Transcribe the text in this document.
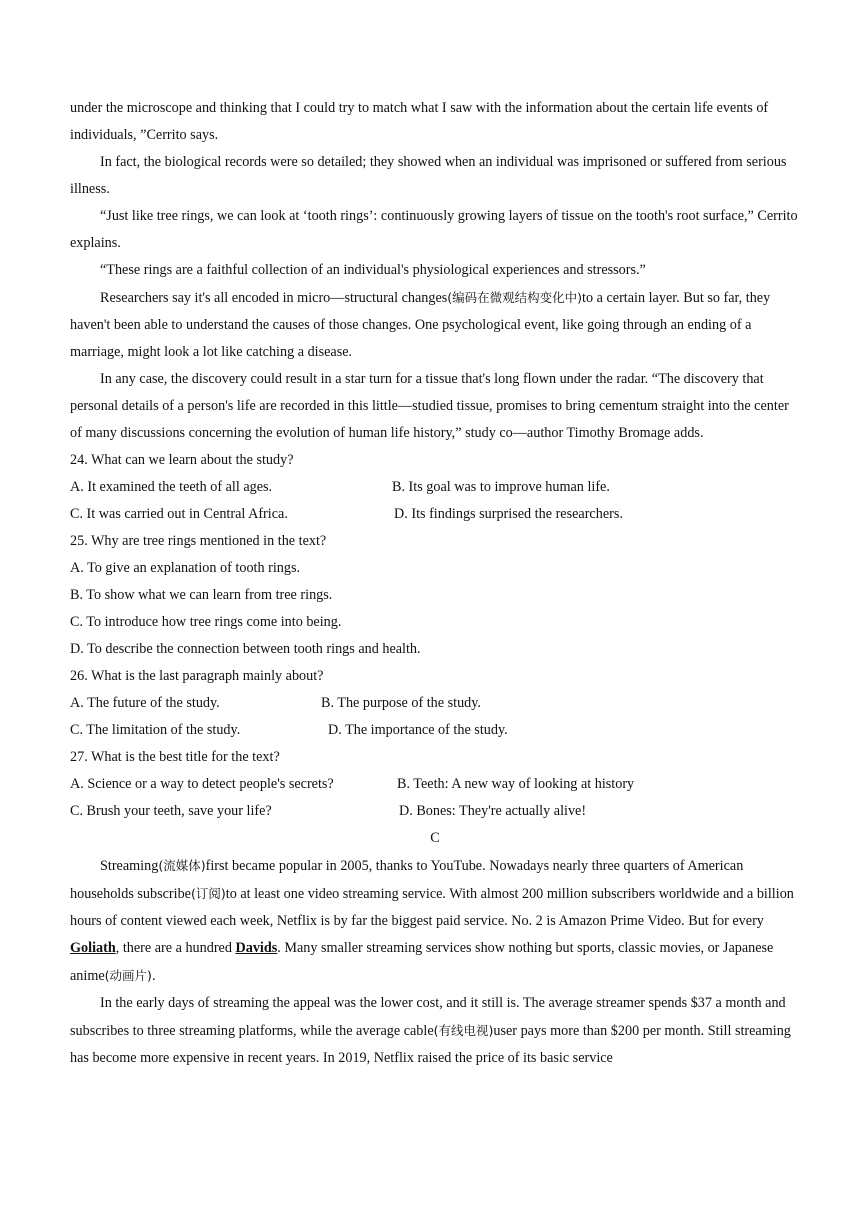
under the microscope and thinking that I could try to match what I saw with the information about the certain life events of individuals, ”Cerrito says.

In fact, the biological records were so detailed; they showed when an individual was imprisoned or suffered from serious illness.

“Just like tree rings, we can look at ‘tooth rings’: continuously growing layers of tissue on the tooth's root surface,” Cerrito explains.

“These rings are a faithful collection of an individual's physiological experiences and stressors.”

Researchers say it's all encoded in micro—structural changes(编码在微观结构变化中)to a certain layer. But so far, they haven't been able to understand the causes of those changes. One psychological event, like going through an ending of a marriage, might look a lot like catching a disease.

In any case, the discovery could result in a star turn for a tissue that's long flown under the radar. “The discovery that personal details of a person's life are recorded in this little—studied tissue, promises to bring cementum straight into the center of many discussions concerning the evolution of human life history,” study co—author Timothy Bromage adds.

24. What can we learn about the study?

A. It examined the teeth of all ages.	B. Its goal was to improve human life.
C. It was carried out in Central Africa.	D. Its findings surprised the researchers.

25. Why are tree rings mentioned in the text?

A. To give an explanation of tooth rings.

B. To show what we can learn from tree rings.

C. To introduce how tree rings come into being.

D. To describe the connection between tooth rings and health.

26. What is the last paragraph mainly about?

A. The future of the study.	B. The purpose of the study.
C. The limitation of the study.	D. The importance of the study.

27. What is the best title for the text?

A. Science or a way to detect people's secrets?	B. Teeth: A new way of looking at history
C. Brush your teeth, save your life?	D. Bones: They're actually alive!

C

Streaming(流媒体)first became popular in 2005, thanks to YouTube. Nowadays nearly three quarters of American households subscribe(订阅)to at least one video streaming service. With almost 200 million subscribers worldwide and a billion hours of content viewed each week, Netflix is by far the biggest paid service. No. 2 is Amazon Prime Video. But for every Goliath, there are a hundred Davids. Many smaller streaming services show nothing but sports, classic movies, or Japanese anime(动画片).

In the early days of streaming the appeal was the lower cost, and it still is. The average streamer spends $37 a month and subscribes to three streaming platforms, while the average cable(有线电视)user pays more than $200 per month. Still streaming has become more expensive in recent years. In 2019, Netflix raised the price of its basic service
